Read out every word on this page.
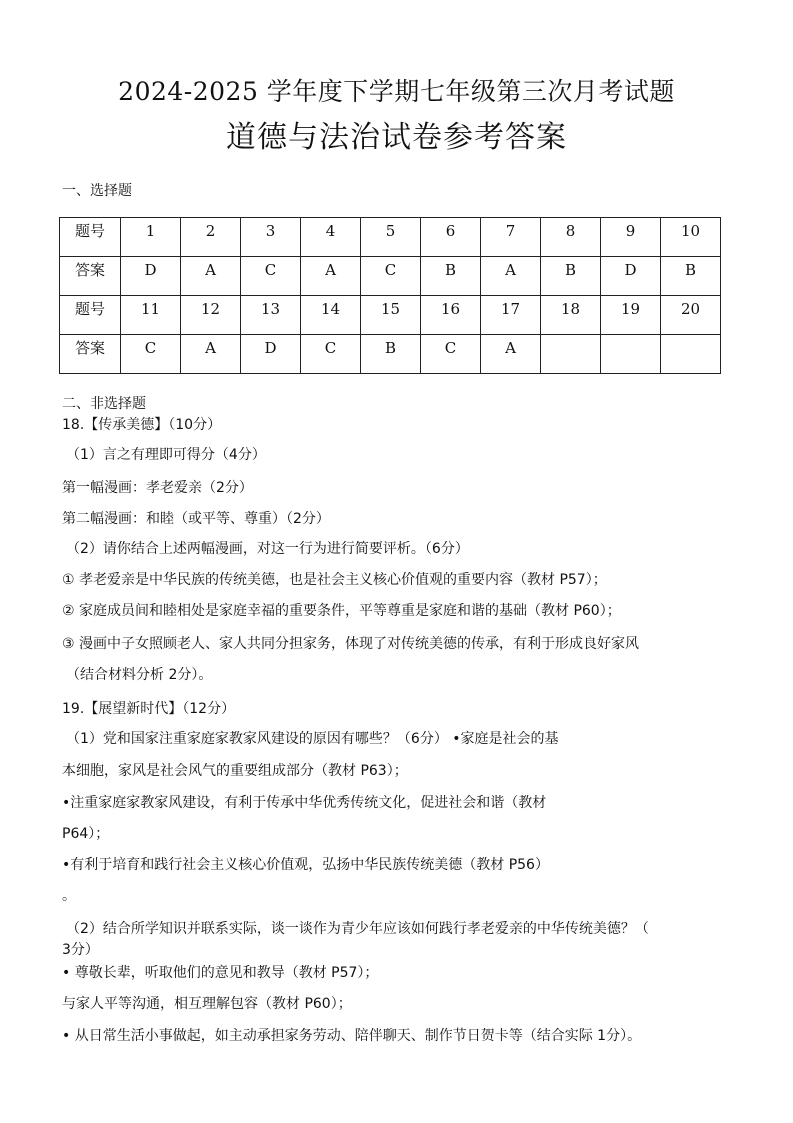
2024-2025 学年度下学期七年级第三次月考试题
道德与法治试卷参考答案
一、选择题
题号	1	2	3	4	5	6	7	8	9	10
答案	D	A	C	A	C	B	A	B	D	B
题号	11	12	13	14	15	16	17	18	19	20
答案	C	A	D	C	B	C	A			
二、非选择题
18.【传承美德】（10分）
（1）言之有理即可得分（4分）
第一幅漫画：孝老爱亲（2分）
第二幅漫画：和睦（或平等、尊重）（2分）
（2）请你结合上述两幅漫画，对这一行为进行简要评析。（6分）
① 孝老爱亲是中华民族的传统美德，也是社会主义核心价值观的重要内容（教材 P57）；
② 家庭成员间和睦相处是家庭幸福的重要条件，平等尊重是家庭和谐的基础（教材 P60）；
③ 漫画中子女照顾老人、家人共同分担家务，体现了对传统美德的传承，有利于形成良好家风
（结合材料分析 2分）。
19.【展望新时代】（12分）
（1）党和国家注重家庭家教家风建设的原因有哪些？（6分） •家庭是社会的基
本细胞，家风是社会风气的重要组成部分（教材 P63）；
•注重家庭家教家风建设，有利于传承中华优秀传统文化，促进社会和谐（教材
P64）；
•有利于培育和践行社会主义核心价值观，弘扬中华民族传统美德（教材 P56）
。
（2）结合所学知识并联系实际，谈一谈作为青少年应该如何践行孝老爱亲的中华传统美德？（
3分）
• 尊敬长辈，听取他们的意见和教导（教材 P57）；
与家人平等沟通，相互理解包容（教材 P60）；
• 从日常生活小事做起，如主动承担家务劳动、陪伴聊天、制作节日贺卡等（结合实际 1分）。
